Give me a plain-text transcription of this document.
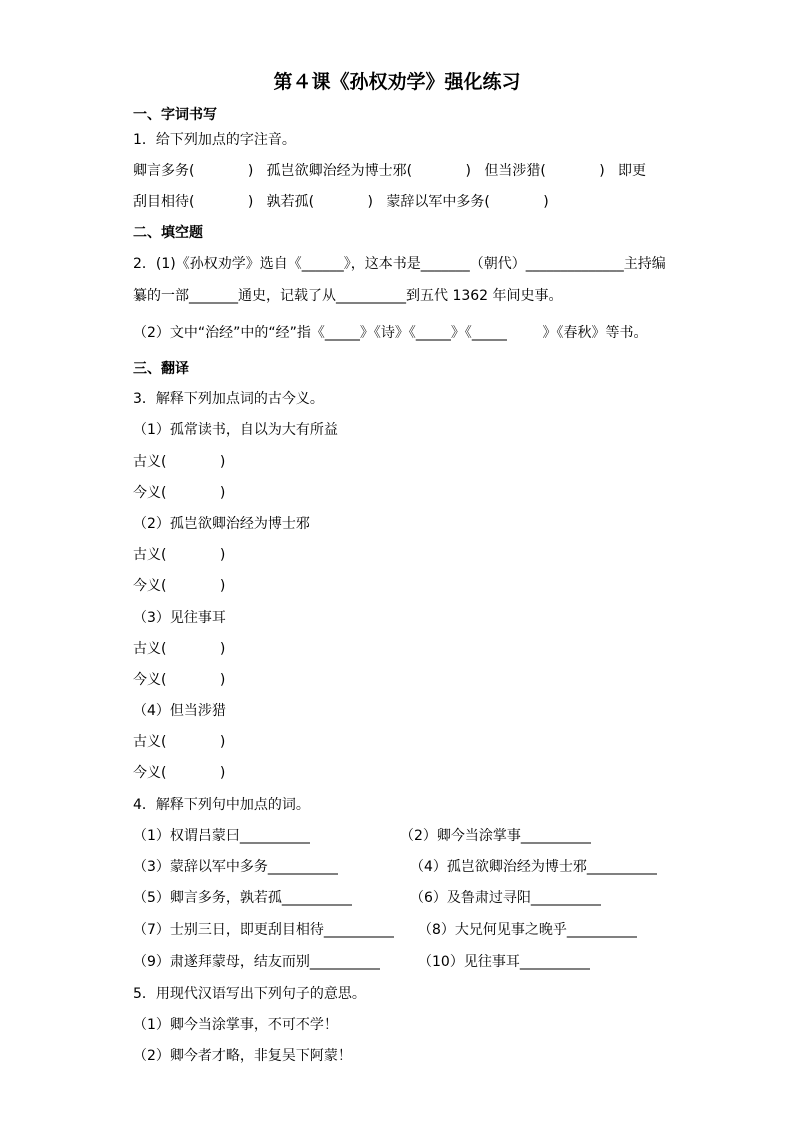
第４课《孙权劝学》强化练习
一、字词书写
1．给下列加点的字注音。
卿言多务(            )   孤岂欲卿治经为博士邪(            )   但当涉猎(            )   即更
刮目相待(            )   孰若孤(            )   蒙辞以军中多务(            )
二、填空题
2．(1)《孙权劝学》选自《______》，这本书是_______（朝代）______________主持编
纂的一部_______通史，记载了从__________到五代 1362 年间史事。
（2）文中“治经”中的“经”指《_____》《诗》《_____》《_____        》《春秋》等书。
三、翻译
3．解释下列加点词的古今义。
（1）孤常读书，自以为大有所益
古义(            )
今义(            )
（2）孤岂欲卿治经为博士邪
古义(            )
今义(            )
（3）见往事耳
古义(            )
今义(            )
（4）但当涉猎
古义(            )
今义(            )
4．解释下列句中加点的词。
（1）权谓吕蒙曰__________	（2）卿今当涂掌事__________
（3）蒙辞以军中多务__________	（4）孤岂欲卿治经为博士邪__________
（5）卿言多务，孰若孤__________	（6）及鲁肃过寻阳__________
（7）士别三日，即更刮目相待__________ （8）大兄何见事之晚乎__________
（9）肃遂拜蒙母，结友而别__________	（10）见往事耳__________
5．用现代汉语写出下列句子的意思。
（1）卿今当涂掌事，不可不学！
（2）卿今者才略，非复吴下阿蒙！
